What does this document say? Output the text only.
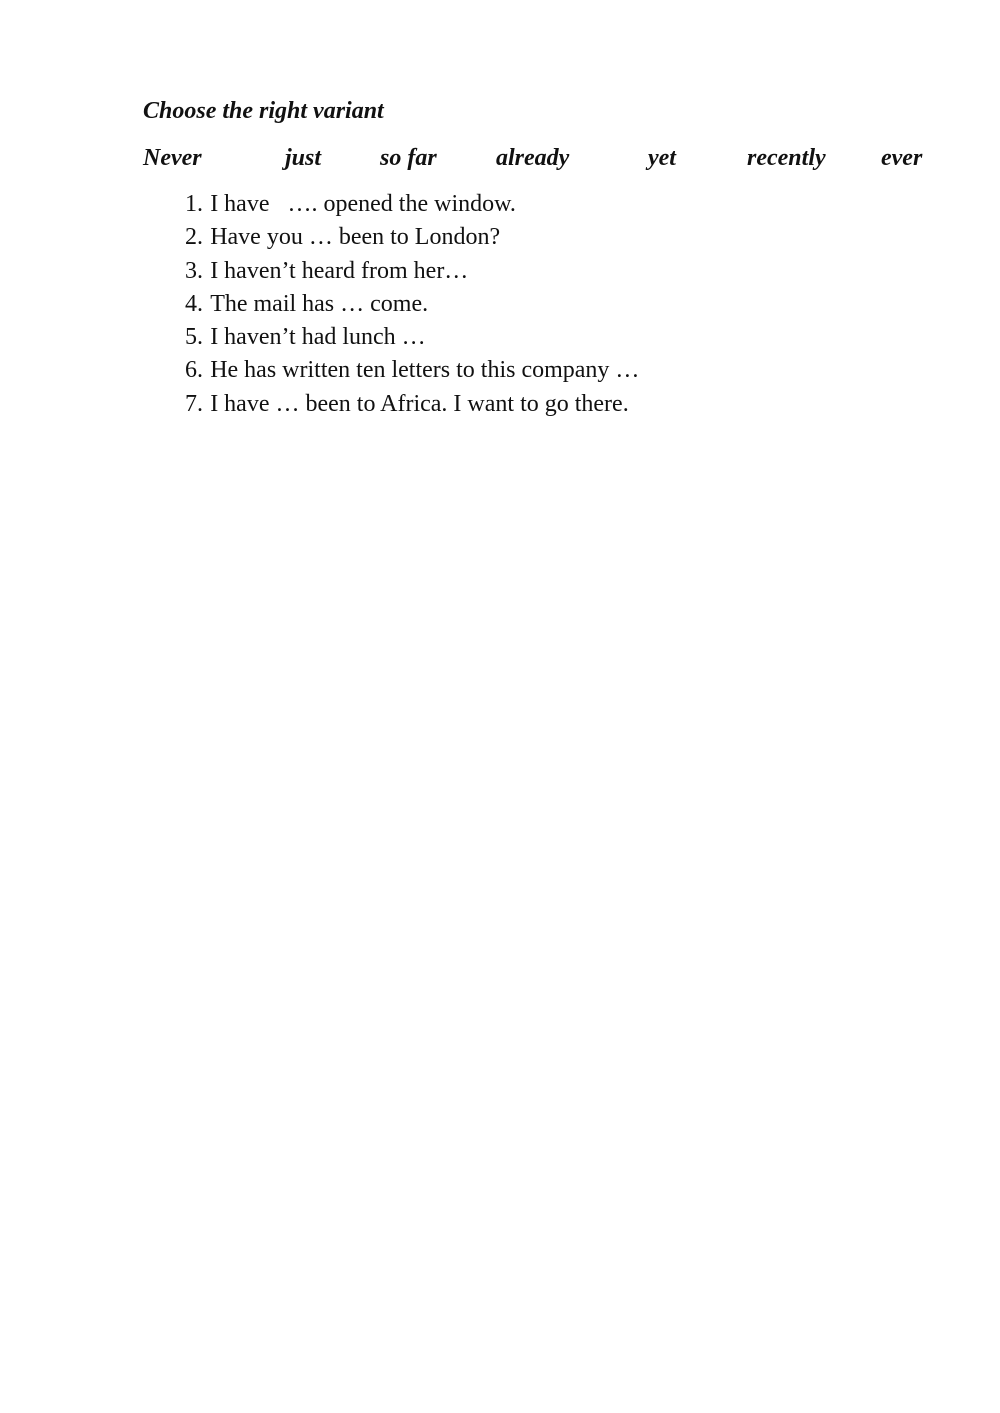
Choose the right variant
Never	just so far already	yet	recently ever
1. I have   …. opened the window.
2. Have you … been to London?
3. I haven’t heard from her…
4. The mail has … come.
5. I haven’t had lunch …
6. He has written ten letters to this company …
7. I have … been to Africa. I want to go there.
